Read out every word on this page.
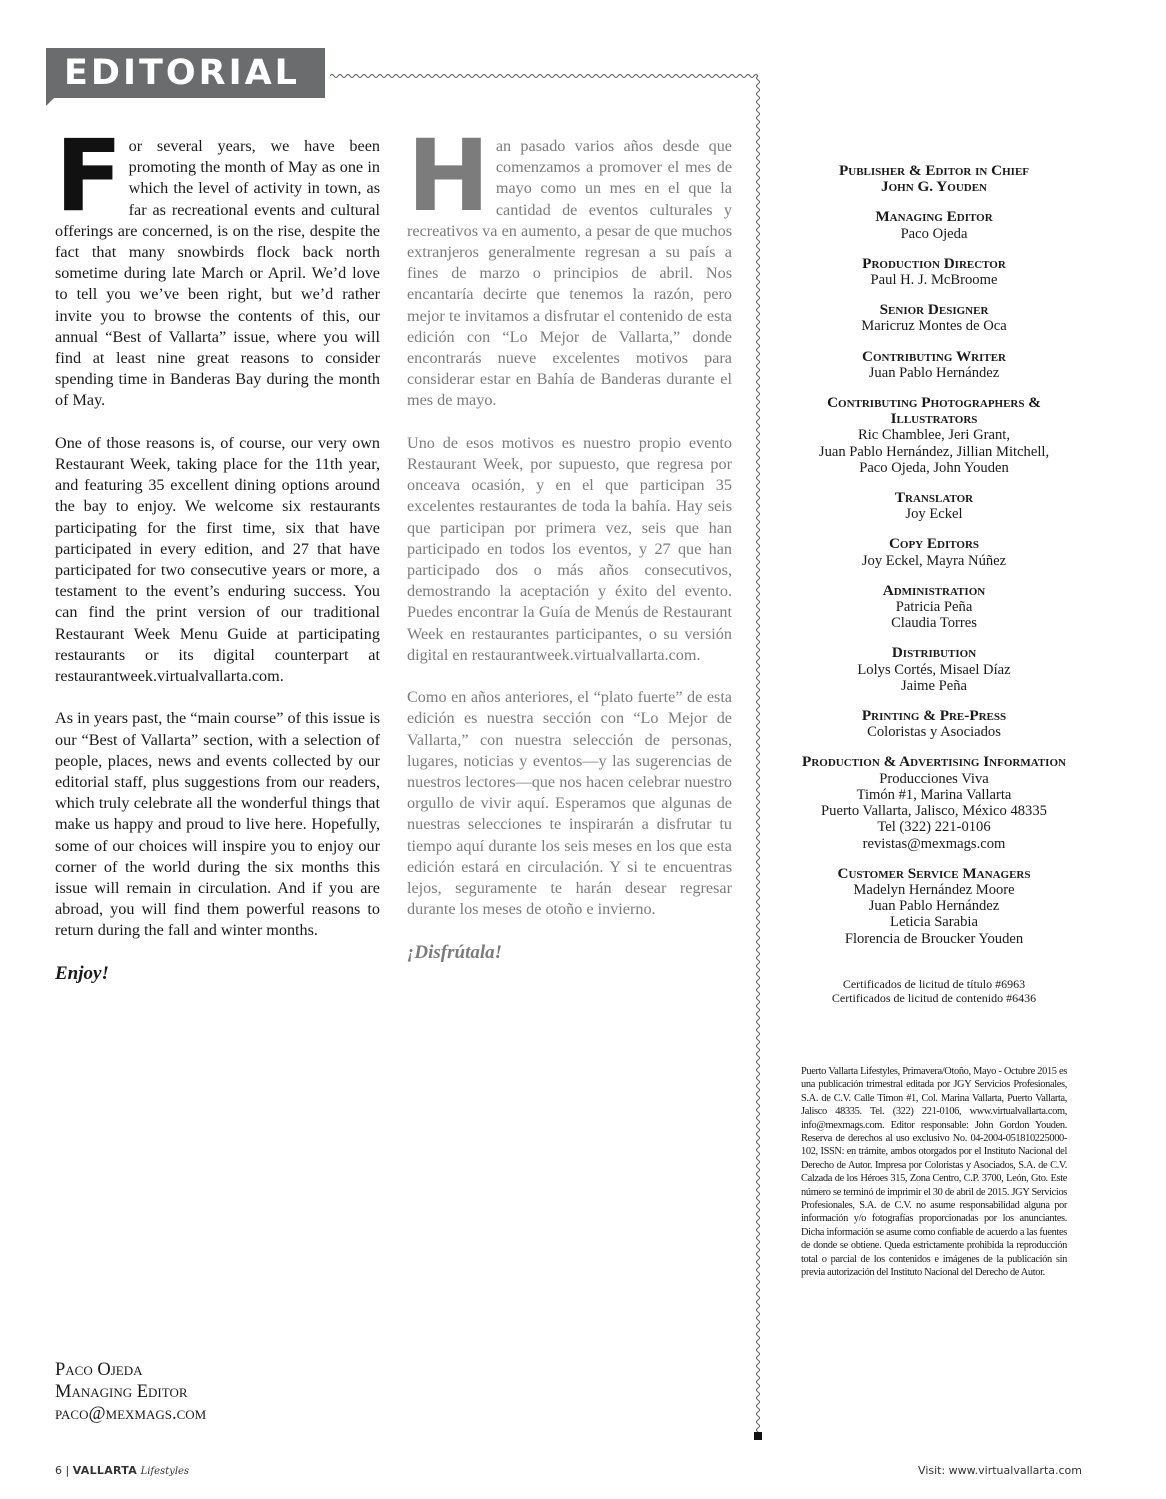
EDITORIAL

For several years, we have been promoting the month of May as one in which the level of activity in town, as far as recreational events and cultural offerings are concerned, is on the rise, despite the fact that many snowbirds flock back north sometime during late March or April. We’d love to tell you we’ve been right, but we’d rather invite you to browse the contents of this, our annual “Best of Vallarta” issue, where you will find at least nine great reasons to consider spending time in Banderas Bay during the month of May.

One of those reasons is, of course, our very own Restaurant Week, taking place for the 11th year, and featuring 35 excellent dining options around the bay to enjoy. We welcome six restaurants participating for the first time, six that have participated in every edition, and 27 that have participated for two consecutive years or more, a testament to the event’s enduring success. You can find the print version of our traditional Restaurant Week Menu Guide at participating restaurants or its digital counterpart at restaurantweek.virtualvallarta.com.

As in years past, the “main course” of this issue is our “Best of Vallarta” section, with a selection of people, places, news and events collected by our editorial staff, plus suggestions from our readers, which truly celebrate all the wonderful things that make us happy and proud to live here. Hopefully, some of our choices will inspire you to enjoy our corner of the world during the six months this issue will remain in circulation. And if you are abroad, you will find them powerful reasons to return during the fall and winter months.

Enjoy!

Han pasado varios años desde que comenzamos a promover el mes de mayo como un mes en el que la cantidad de eventos culturales y recreativos va en aumento, a pesar de que muchos extranjeros generalmente regresan a su país a fines de marzo o principios de abril. Nos encantaría decirte que tenemos la razón, pero mejor te invitamos a disfrutar el contenido de esta edición con “Lo Mejor de Vallarta,” donde encontrarás nueve excelentes motivos para considerar estar en Bahía de Banderas durante el mes de mayo.

Uno de esos motivos es nuestro propio evento Restaurant Week, por supuesto, que regresa por onceava ocasión, y en el que participan 35 excelentes restaurantes de toda la bahía. Hay seis que participan por primera vez, seis que han participado en todos los eventos, y 27 que han participado dos o más años consecutivos, demostrando la aceptación y éxito del evento. Puedes encontrar la Guía de Menús de Restaurant Week en restaurantes participantes, o su versión digital en restaurantweek.virtualvallarta.com.

Como en años anteriores, el “plato fuerte” de esta edición es nuestra sección con “Lo Mejor de Vallarta,” con nuestra selección de personas, lugares, noticias y eventos—y las sugerencias de nuestros lectores—que nos hacen celebrar nuestro orgullo de vivir aquí. Esperamos que algunas de nuestras selecciones te inspirarán a disfrutar tu tiempo aquí durante los seis meses en los que esta edición estará en circulación. Y si te encuentras lejos, seguramente te harán desear regresar durante los meses de otoño e invierno.

¡Disfrútala!

Paco Ojeda
Managing Editor
paco@mexmags.com
Publisher & Editor in Chief
John G. Youden
Managing Editor
Paco Ojeda
Production Director
Paul H. J. McBroome
Senior Designer
Maricruz Montes de Oca
Contributing Writer
Juan Pablo Hernández
Contributing Photographers & Illustrators
Ric Chamblee, Jeri Grant,
Juan Pablo Hernández, Jillian Mitchell,
Paco Ojeda, John Youden
Translator
Joy Eckel
Copy Editors
Joy Eckel, Mayra Núñez
Administration
Patricia Peña
Claudia Torres
Distribution
Lolys Cortés, Misael Díaz
Jaime Peña
Printing & Pre-Press
Coloristas y Asociados
Production & Advertising Information
Producciones Viva
Timón #1, Marina Vallarta
Puerto Vallarta, Jalisco, México 48335
Tel (322) 221-0106
revistas@mexmags.com
Customer Service Managers
Madelyn Hernández Moore
Juan Pablo Hernández
Leticia Sarabia
Florencia de Broucker Youden
Certificados de licitud de título #6963
Certificados de licitud de contenido #6436
Puerto Vallarta Lifestyles, Primavera/Otoño, Mayo - Octubre 2015 es una publicación trimestral editada por JGY Servicios Profesionales, S.A. de C.V. Calle Timon #1, Col. Marina Vallarta, Puerto Vallarta, Jalisco 48335. Tel. (322) 221-0106, www.virtualvallarta.com, info@mexmags.com. Editor responsable: John Gordon Youden. Reserva de derechos al uso exclusivo No. 04-2004-051810225000-102, ISSN: en trámite, ambos otorgados por el Instituto Nacional del Derecho de Autor. Impresa por Coloristas y Asociados, S.A. de C.V. Calzada de los Héroes 315, Zona Centro, C.P. 3700, León, Gto. Este número se terminó de imprimir el 30 de abril de 2015. JGY Servicios Profesionales, S.A. de C.V. no asume responsabilidad alguna por información y/o fotografías proporcionadas por los anunciantes. Dicha información se asume como confiable de acuerdo a las fuentes de donde se obtiene. Queda estrictamente prohibida la reproducción total o parcial de los contenidos e imágenes de la publicación sin previa autorización del Instituto Nacional del Derecho de Autor.
6 | VALLARTA Lifestyles	Visit: www.virtualvallarta.com
